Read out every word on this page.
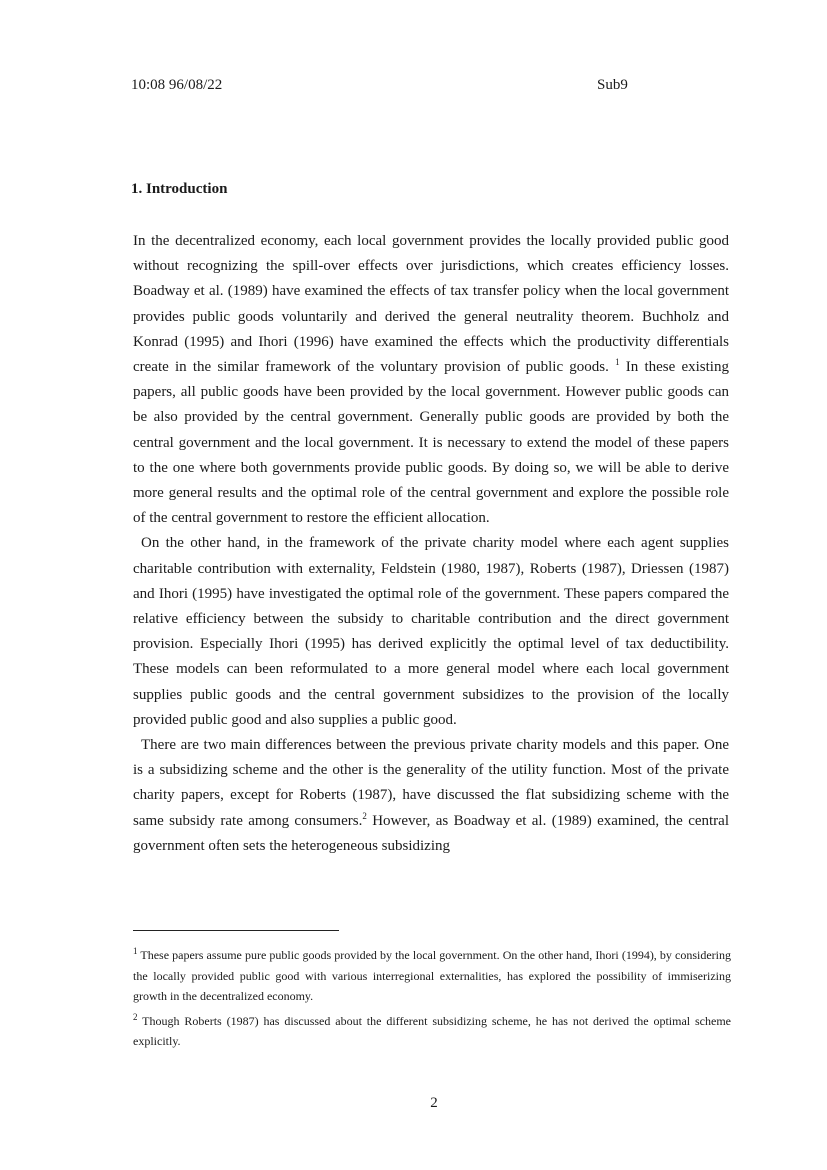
10:08 96/08/22	Sub9
1. Introduction

In the decentralized economy, each local government provides the locally provided public good without recognizing the spill-over effects over jurisdictions, which creates efficiency losses. Boadway et al. (1989) have examined the effects of tax transfer policy when the local government provides public goods voluntarily and derived the general neutrality theorem. Buchholz and Konrad (1995) and Ihori (1996) have examined the effects which the productivity differentials create in the similar framework of the voluntary provision of public goods. $^1$ In these existing papers, all public goods have been provided by the local government. However public goods can be also provided by the central government. Generally public goods are provided by both the central government and the local government. It is necessary to extend the model of these papers to the one where both governments provide public goods. By doing so, we will be able to derive more general results and the optimal role of the central government and explore the possible role of the central government to restore the efficient allocation.

On the other hand, in the framework of the private charity model where each agent supplies charitable contribution with externality, Feldstein (1980, 1987), Roberts (1987), Driessen (1987) and Ihori (1995) have investigated the optimal role of the government. These papers compared the relative efficiency between the subsidy to charitable contribution and the direct government provision. Especially Ihori (1995) has derived explicitly the optimal level of tax deductibility. These models can been reformulated to a more general model where each local government supplies public goods and the central government subsidizes to the provision of the locally provided public good and also supplies a public good.

There are two main differences between the previous private charity models and this paper. One is a subsidizing scheme and the other is the generality of the utility function. Most of the private charity papers, except for Roberts (1987), have discussed the flat subsidizing scheme with the same subsidy rate among consumers.$^2$ However, as Boadway et al. (1989) examined, the central government often sets the heterogeneous subsidizing

$^1$ These papers assume pure public goods provided by the local government. On the other hand, Ihori (1994), by considering the locally provided public good with various interregional externalities, has explored the possibility of immiserizing growth in the decentralized economy.

$^2$ Though Roberts (1987) has discussed about the different subsidizing scheme, he has not derived the optimal scheme explicitly.

2
